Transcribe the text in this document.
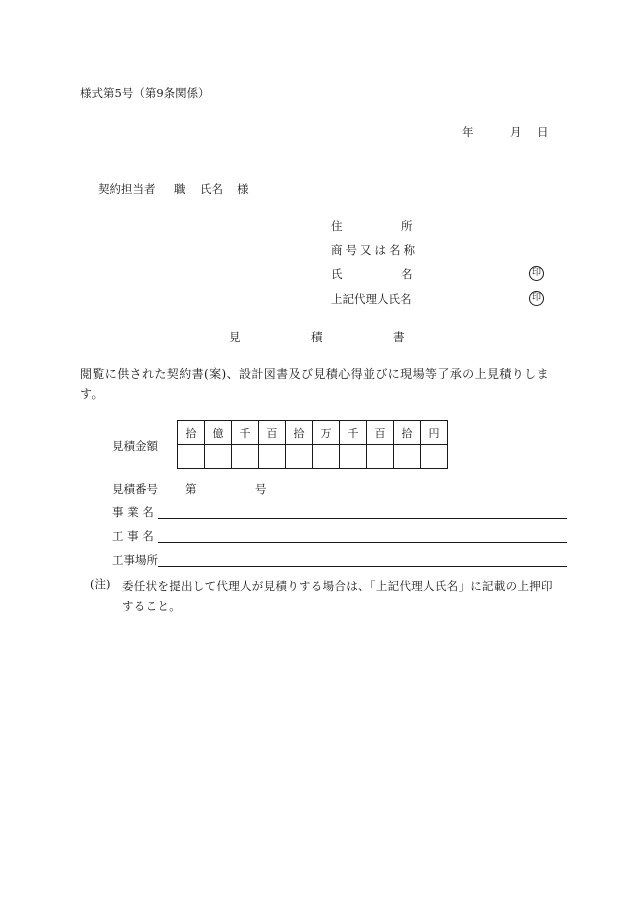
様式第5号（第9条関係）
年	月 日
契約担当者 職 氏名 様
住	所
商号又は名称
氏	名	印
上記代理人氏名	印
見	積	書
閲覧に供された契約書(案)、設計図書及び見積心得並びに現場等了承の上見積りします。
見積金額
拾	億	千	百	拾	万	千	百	拾	円

見積番号 第	号
事 業 名
工 事 名
工事場所
(注) 委任状を提出して代理人が見積りする場合は、「上記代理人氏名」に記載の上押印すること。
